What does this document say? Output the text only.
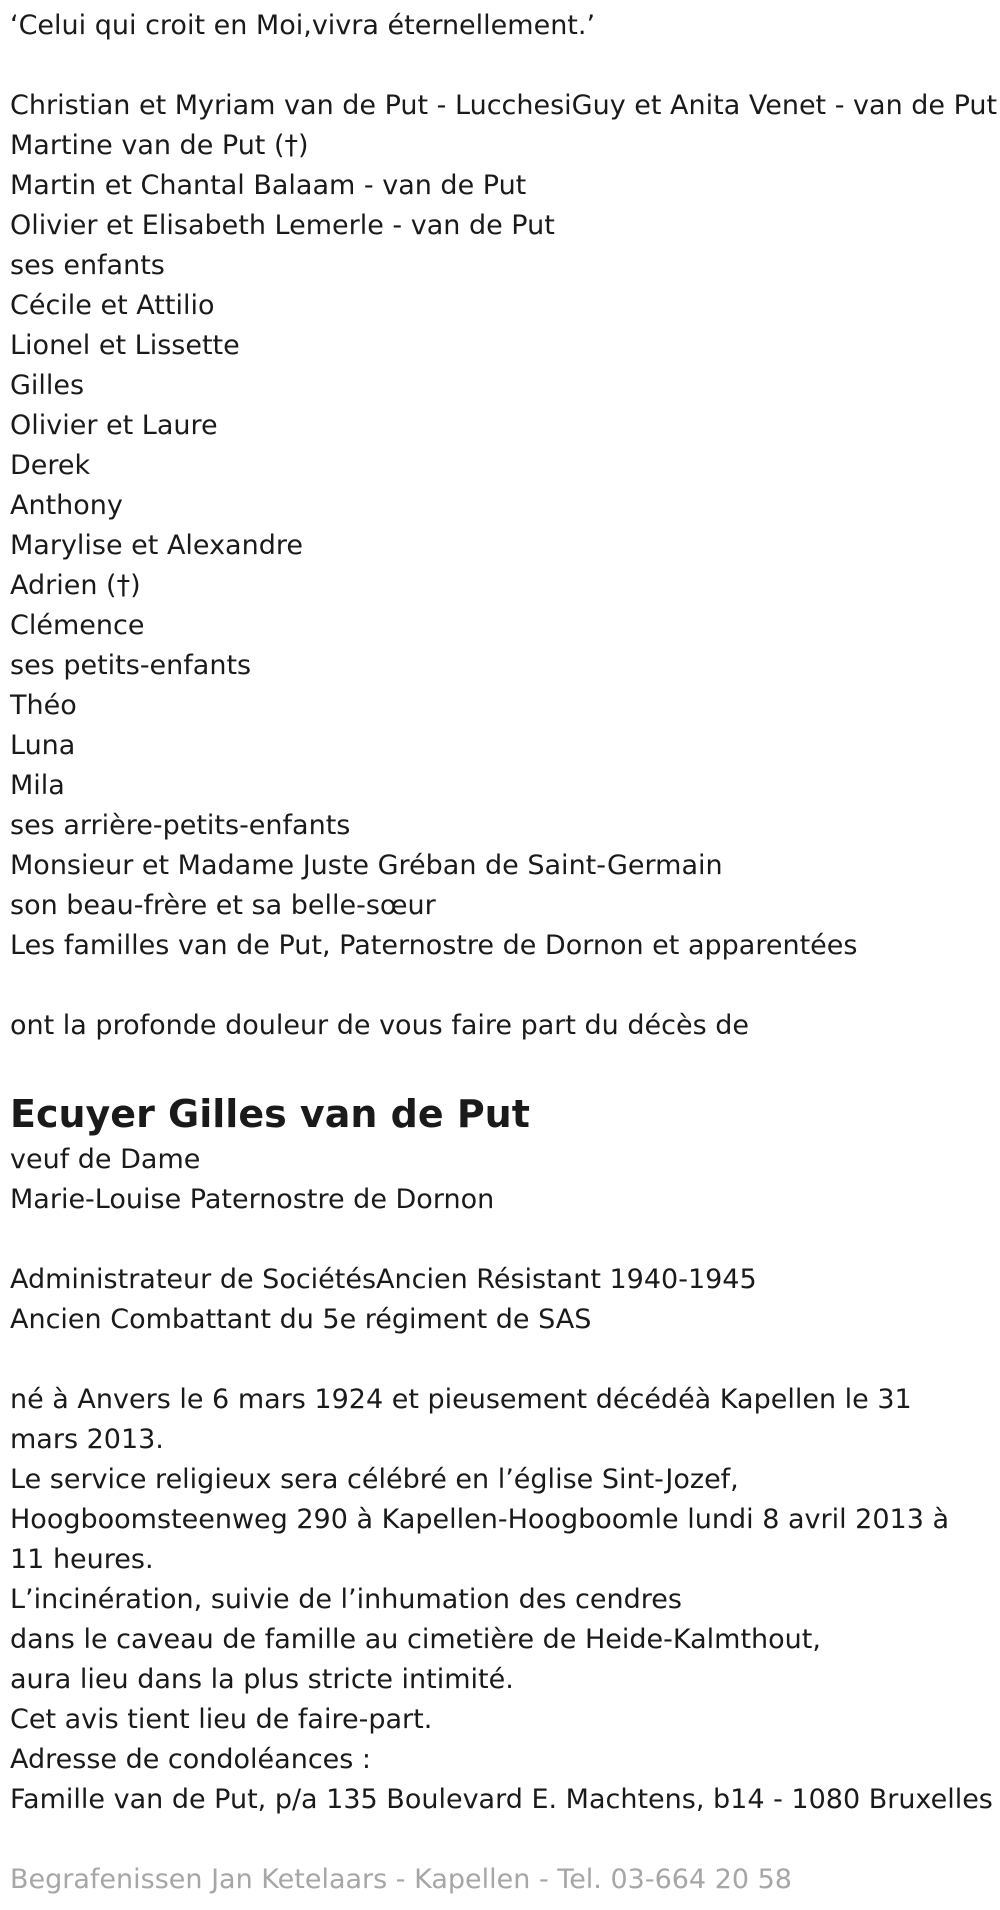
‘Celui qui croit en Moi,vivra éternellement.’

Christian et Myriam van de Put - LucchesiGuy et Anita Venet - van de Put

Martine van de Put (†)

Martin et Chantal Balaam - van de Put

Olivier et Elisabeth Lemerle - van de Put

ses enfants

Cécile et Attilio

Lionel et Lissette

Gilles

Olivier et Laure

Derek

Anthony

Marylise et Alexandre

Adrien (†)

Clémence

ses petits-enfants

Théo

Luna

Mila

ses arrière-petits-enfants

Monsieur et Madame Juste Gréban de Saint-Germain

son beau-frère et sa belle-sœur

Les familles van de Put, Paternostre de Dornon et apparentées

ont la profonde douleur de vous faire part du décès de

Ecuyer Gilles van de Put

veuf de Dame

Marie-Louise Paternostre de Dornon

Administrateur de SociétésAncien Résistant 1940-1945

Ancien Combattant du 5e régiment de SAS

né à Anvers le 6 mars 1924 et pieusement décédéà Kapellen le 31 mars 2013.

Le service religieux sera célébré en l’église Sint-Jozef,

Hoogboomsteenweg 290 à Kapellen-Hoogboomle lundi 8 avril 2013 à 11 heures.

L’incinération, suivie de l’inhumation des cendres

dans le caveau de famille au cimetière de Heide-Kalmthout,

aura lieu dans la plus stricte intimité.

Cet avis tient lieu de faire-part.

Adresse de condoléances :

Famille van de Put, p/a 135 Boulevard E. Machtens, b14 - 1080 Bruxelles

Begrafenissen Jan Ketelaars - Kapellen - Tel. 03-664 20 58
